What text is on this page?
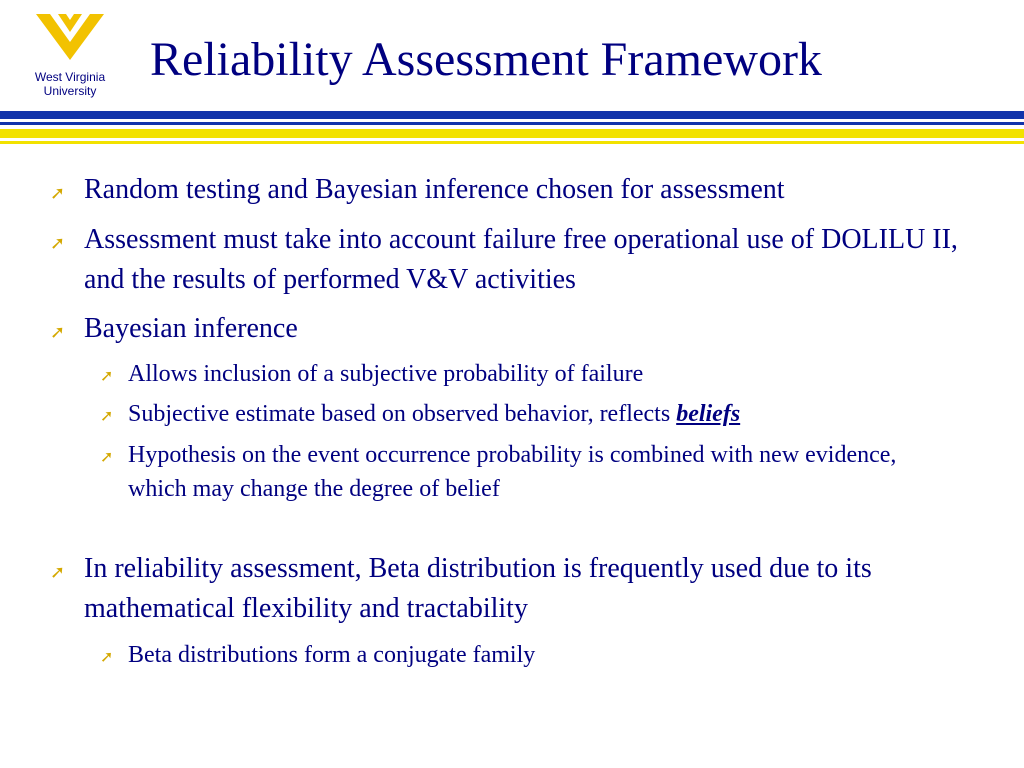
West Virginia
University
Reliability Assessment Framework
➚ Random testing and Bayesian inference chosen for assessment
➚ Assessment must take into account failure free operational use of DOLILU II, and the results of performed V&V activities
➚ Bayesian inference
➚ Allows inclusion of a subjective probability of failure
➚ Subjective estimate based on observed behavior, reflects beliefs
➚ Hypothesis on the event occurrence probability is combined with new evidence, which may change the degree of belief
➚ In reliability assessment, Beta distribution is frequently used due to its mathematical flexibility and tractability
➚ Beta distributions form a conjugate family
